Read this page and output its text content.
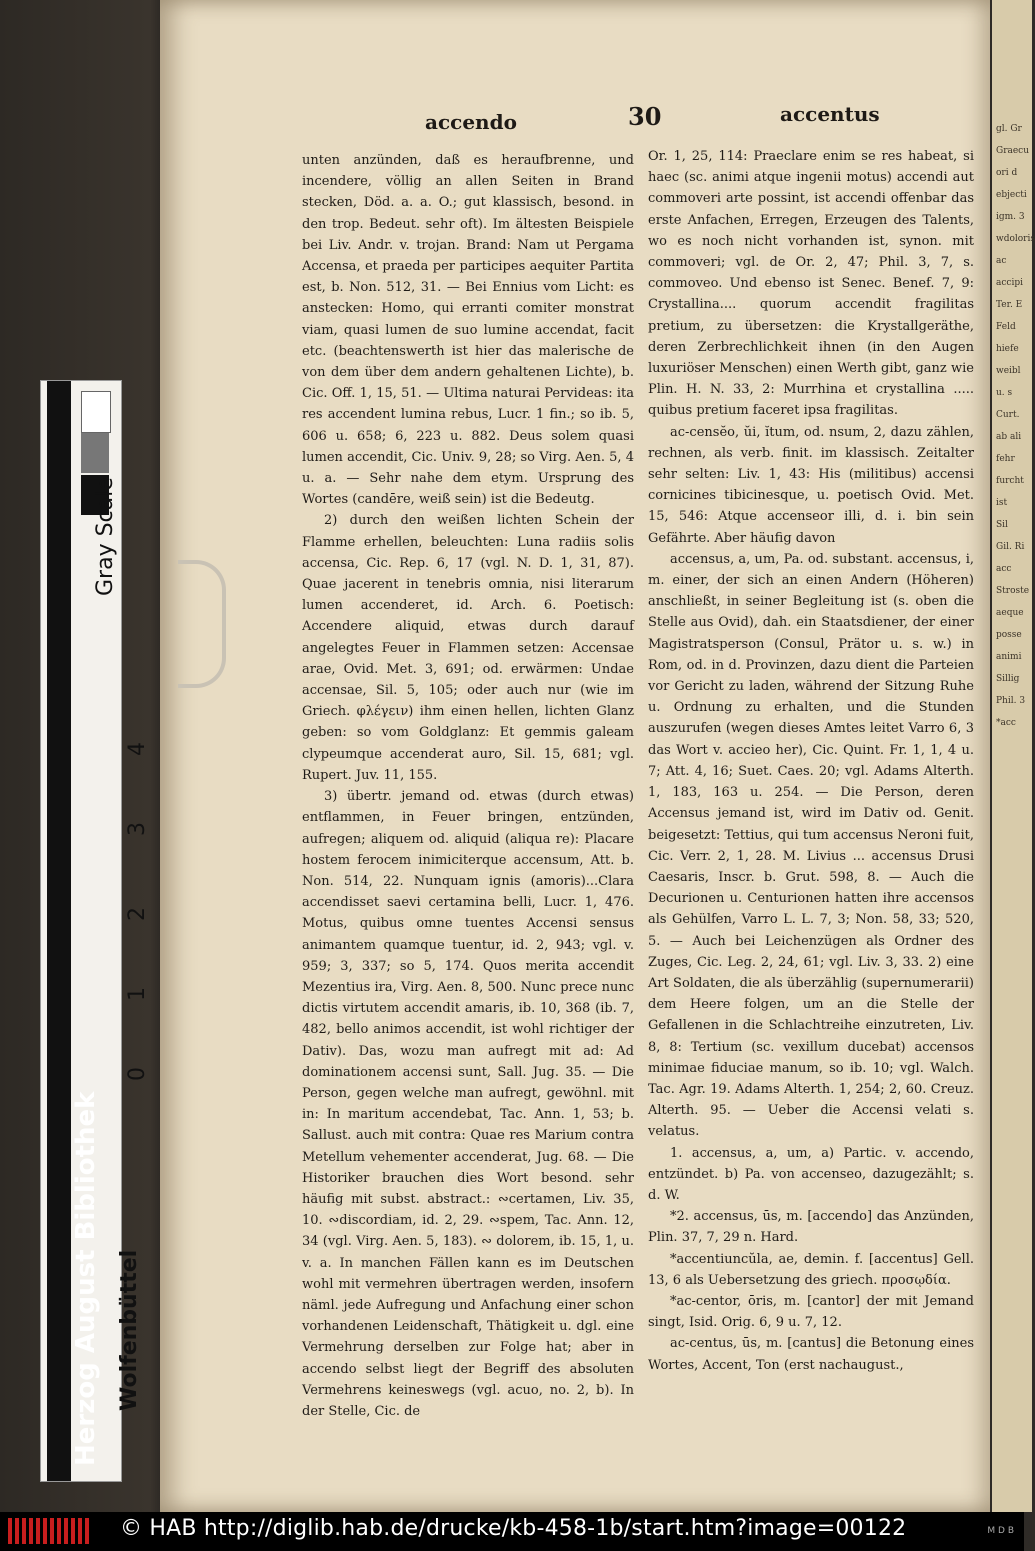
gl. Gr
Graecu
ori d
ebjecti
igm. 3
wdoloris
ac
accipi
Ter. E
Feld
hiefe
weibl
u. s
Curt.
ab ali
fehr
furcht
ist
Sil
Gil. Ri
acc
Stroste
aeque
posse
animi
Sillig
Phil. 3
*acc
accendo	30	accentus

unten anzünden, daß es heraufbrenne, und incendere, völlig an allen Seiten in Brand stecken, Död. a. a. O.; gut klassisch, besond. in den trop. Bedeut. sehr oft). Im ältesten Beispiele bei Liv. Andr. v. trojan. Brand: Nam ut Pergama Accensa, et praeda per participes aequiter Partita est, b. Non. 512, 31. — Bei Ennius vom Licht: es anstecken: Homo, qui erranti comiter monstrat viam, quasi lumen de suo lumine accendat, facit etc. (beachtenswerth ist hier das malerische de von dem über dem andern gehaltenen Lichte), b. Cic. Off. 1, 15, 51. — Ultima naturai Pervideas: ita res accendent lumina rebus, Lucr. 1 fin.; so ib. 5, 606 u. 658; 6, 223 u. 882. Deus solem quasi lumen accendit, Cic. Univ. 9, 28; so Virg. Aen. 5, 4 u. a. — Sehr nahe dem etym. Ursprung des Wortes (candēre, weiß sein) ist die Bedeutg.

2) durch den weißen lichten Schein der Flamme erhellen, beleuchten: Luna radiis solis accensa, Cic. Rep. 6, 17 (vgl. N. D. 1, 31, 87). Quae jacerent in tenebris omnia, nisi literarum lumen accenderet, id. Arch. 6. Poetisch: Accendere aliquid, etwas durch darauf angelegtes Feuer in Flammen setzen: Accensae arae, Ovid. Met. 3, 691; od. erwärmen: Undae accensae, Sil. 5, 105; oder auch nur (wie im Griech. φλέγειν) ihm einen hellen, lichten Glanz geben: so vom Goldglanz: Et gemmis galeam clypeumque accenderat auro, Sil. 15, 681; vgl. Rupert. Juv. 11, 155.

3) übertr. jemand od. etwas (durch etwas) entflammen, in Feuer bringen, entzünden, aufregen; aliquem od. aliquid (aliqua re): Placare hostem ferocem inimiciterque accensum, Att. b. Non. 514, 22. Nunquam ignis (amoris)...Clara accendisset saevi certamina belli, Lucr. 1, 476. Motus, quibus omne tuentes Accensi sensus animantem quamque tuentur, id. 2, 943; vgl. v. 959; 3, 337; so 5, 174. Quos merita accendit Mezentius ira, Virg. Aen. 8, 500. Nunc prece nunc dictis virtutem accendit amaris, ib. 10, 368 (ib. 7, 482, bello animos accendit, ist wohl richtiger der Dativ). Das, wozu man aufregt mit ad: Ad dominationem accensi sunt, Sall. Jug. 35. — Die Person, gegen welche man aufregt, gewöhnl. mit in: In maritum accendebat, Tac. Ann. 1, 53; b. Sallust. auch mit contra: Quae res Marium contra Metellum vehementer accenderat, Jug. 68. — Die Historiker brauchen dies Wort besond. sehr häufig mit subst. abstract.: ∾certamen, Liv. 35, 10. ∾discordiam, id. 2, 29. ∾spem, Tac. Ann. 12, 34 (vgl. Virg. Aen. 5, 183). ∾ dolorem, ib. 15, 1, u. v. a. In manchen Fällen kann es im Deutschen wohl mit vermehren übertragen werden, insofern näml. jede Aufregung und Anfachung einer schon vorhandenen Leidenschaft, Thätigkeit u. dgl. eine Vermehrung derselben zur Folge hat; aber in accendo selbst liegt der Begriff des absoluten Vermehrens keineswegs (vgl. acuo, no. 2, b). In der Stelle, Cic. de

Or. 1, 25, 114: Praeclare enim se res habeat, si haec (sc. animi atque ingenii motus) accendi aut commoveri arte possint, ist accendi offenbar das erste Anfachen, Erregen, Erzeugen des Talents, wo es noch nicht vorhanden ist, synon. mit commoveri; vgl. de Or. 2, 47; Phil. 3, 7, s. commoveo. Und ebenso ist Senec. Benef. 7, 9: Crystallina.... quorum accendit fragilitas pretium, zu übersetzen: die Krystallgeräthe, deren Zerbrechlichkeit ihnen (in den Augen luxuriöser Menschen) einen Werth gibt, ganz wie Plin. H. N. 33, 2: Murrhina et crystallina ..... quibus pretium faceret ipsa fragilitas.

ac-censĕo, ŭi, ĭtum, od. nsum, 2, dazu zählen, rechnen, als verb. finit. im klassisch. Zeitalter sehr selten: Liv. 1, 43: His (militibus) accensi cornicines tibicinesque, u. poetisch Ovid. Met. 15, 546: Atque accenseor illi, d. i. bin sein Gefährte. Aber häufig davon

accensus, a, um, Pa. od. substant. accensus, i, m. einer, der sich an einen Andern (Höheren) anschließt, in seiner Begleitung ist (s. oben die Stelle aus Ovid), dah. ein Staatsdiener, der einer Magistratsperson (Consul, Prätor u. s. w.) in Rom, od. in d. Provinzen, dazu dient die Parteien vor Gericht zu laden, während der Sitzung Ruhe u. Ordnung zu erhalten, und die Stunden auszurufen (wegen dieses Amtes leitet Varro 6, 3 das Wort v. accieo her), Cic. Quint. Fr. 1, 1, 4 u. 7; Att. 4, 16; Suet. Caes. 20; vgl. Adams Alterth. 1, 183, 163 u. 254. — Die Person, deren Accensus jemand ist, wird im Dativ od. Genit. beigesetzt: Tettius, qui tum accensus Neroni fuit, Cic. Verr. 2, 1, 28. M. Livius ... accensus Drusi Caesaris, Inscr. b. Grut. 598, 8. — Auch die Decurionen u. Centurionen hatten ihre accensos als Gehülfen, Varro L. L. 7, 3; Non. 58, 33; 520, 5. — Auch bei Leichenzügen als Ordner des Zuges, Cic. Leg. 2, 24, 61; vgl. Liv. 3, 33. 2) eine Art Soldaten, die als überzählig (supernumerarii) dem Heere folgen, um an die Stelle der Gefallenen in die Schlachtreihe einzutreten, Liv. 8, 8: Tertium (sc. vexillum ducebat) accensos minimae fiduciae manum, so ib. 10; vgl. Walch. Tac. Agr. 19. Adams Alterth. 1, 254; 2, 60. Creuz. Alterth. 95. — Ueber die Accensi velati s. velatus.

1. accensus, a, um, a) Partic. v. accendo, entzündet. b) Pa. von accenseo, dazugezählt; s. d. W.

*2. accensus, ūs, m. [accendo] das Anzünden, Plin. 37, 7, 29 n. Hard.

*accentiuncŭla, ae, demin. f. [accentus] Gell. 13, 6 als Uebersetzung des griech. προσῳδία.

*ac-centor, ōris, m. [cantor] der mit Jemand singt, Isid. Orig. 6, 9 u. 7, 12.

ac-centus, ūs, m. [cantus] die Betonung eines Wortes, Accent, Ton (erst nachaugust.,

Gray Scale
Herzog August Bibliothek Wolfenbüttel
0
1
2
3
4
© HAB http://diglib.hab.de/drucke/kb-458-1b/start.htm?image=00122	M D B
